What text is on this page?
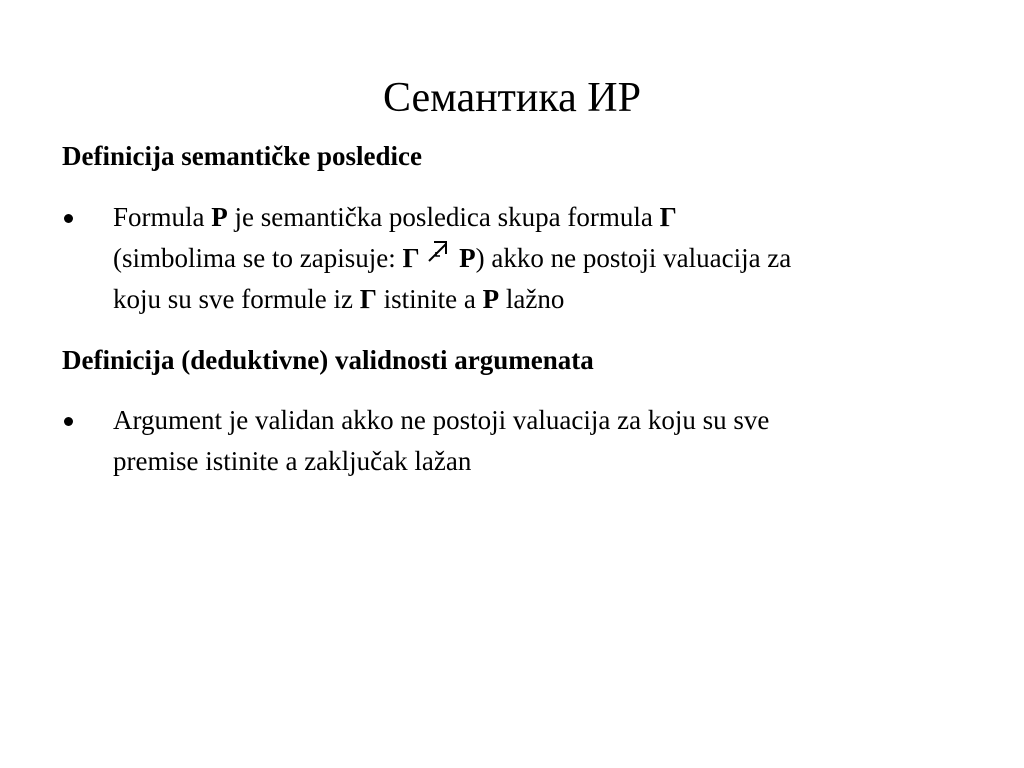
Семантика ИР
Definicija semantičke posledice
Formula P je semantička posledica skupa formula Γ
(simbolima se to zapisuje: Γ P) akko ne postoji valuacija za
koju su sve formule iz Γ istinite a P lažno
Definicija (deduktivne) validnosti argumenata
Argument je validan akko ne postoji valuacija za koju su sve
premise istinite a zaključak lažan
